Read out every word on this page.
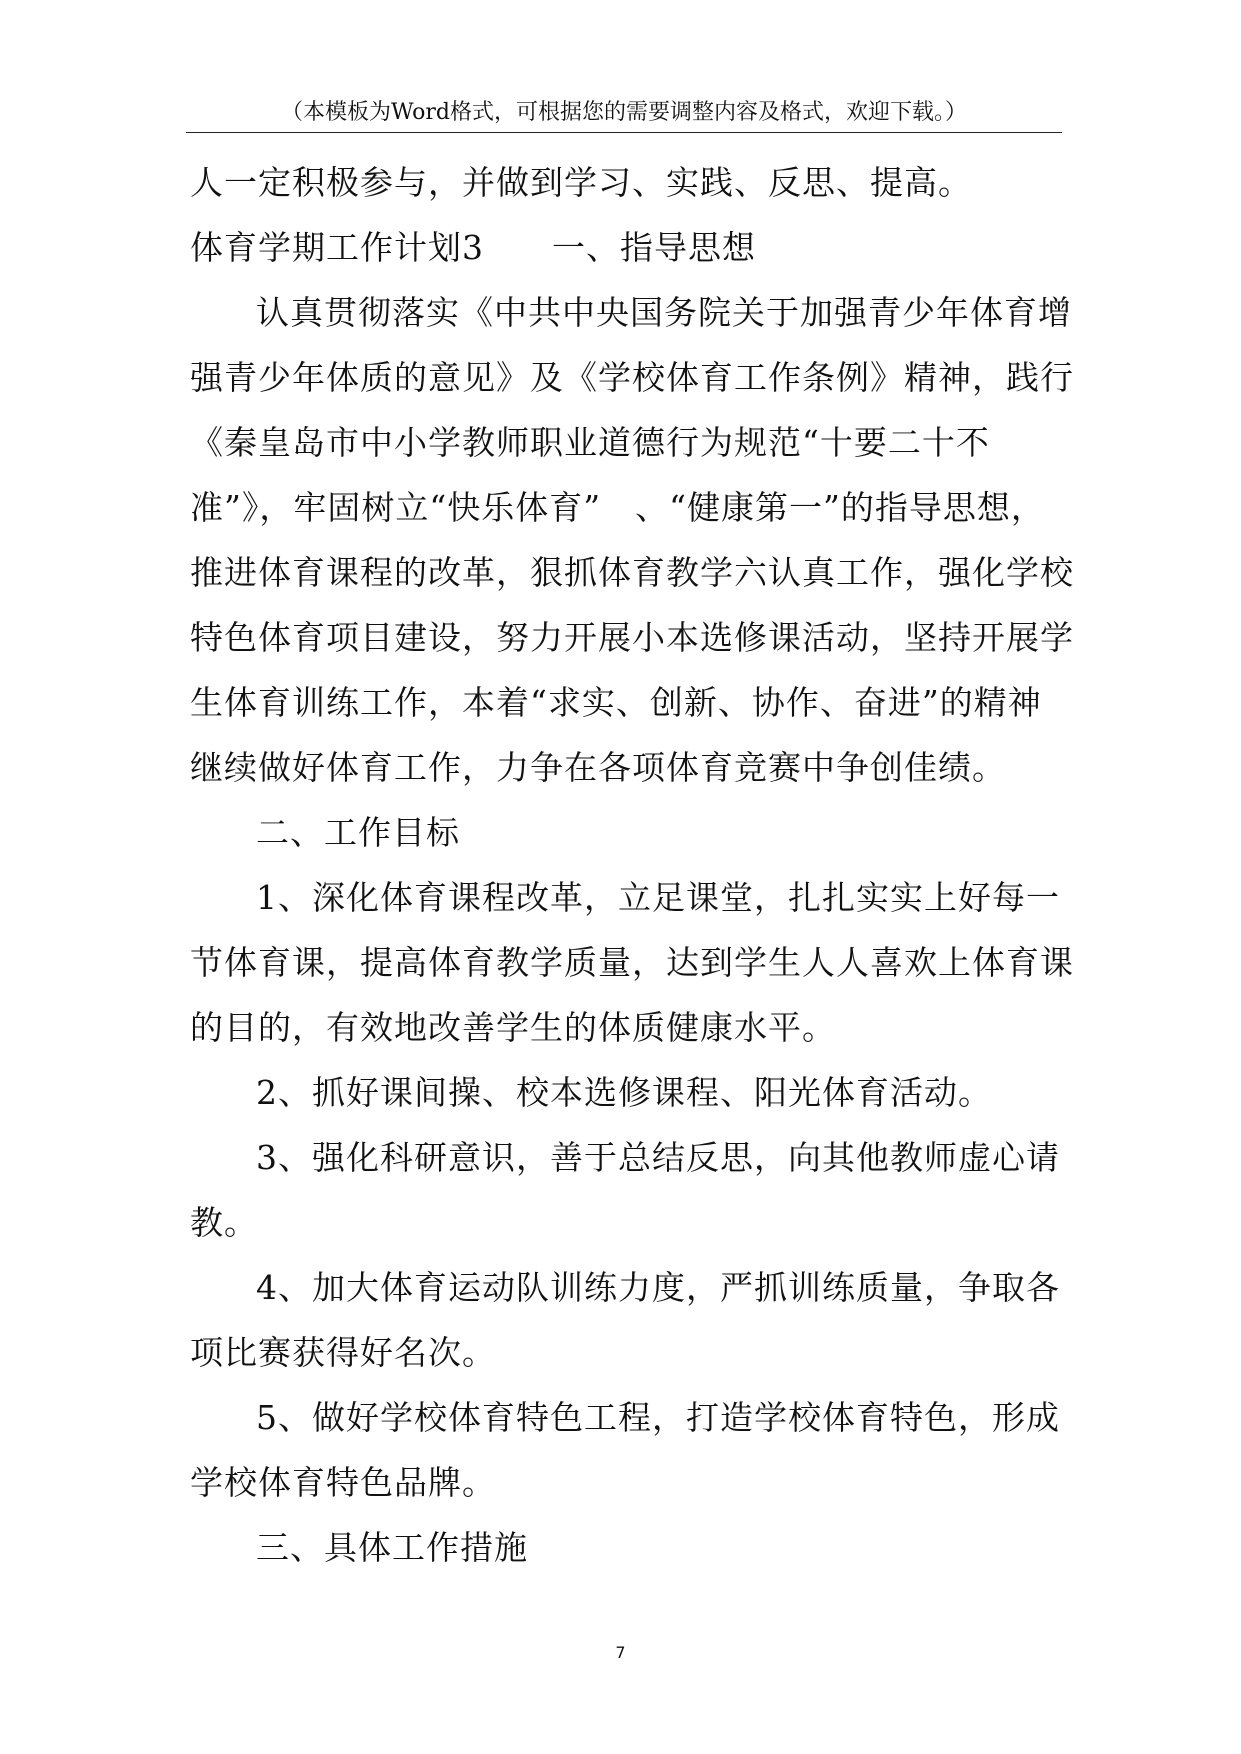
（本模板为Word格式，可根据您的需要调整内容及格式，欢迎下载。）
人一定积极参与，并做到学习、实践、反思、提高。
体育学期工作计划3　　一、指导思想
认真贯彻落实《中共中央国务院关于加强青少年体育增
强青少年体质的意见》及《学校体育工作条例》精神，践行
《秦皇岛市中小学教师职业道德行为规范“十要二十不
准”》，牢固树立“快乐体育”　、“健康第一”的指导思想，
推进体育课程的改革，狠抓体育教学六认真工作，强化学校
特色体育项目建设，努力开展小本选修课活动，坚持开展学
生体育训练工作，本着“求实、创新、协作、奋进”的精神
继续做好体育工作，力争在各项体育竞赛中争创佳绩。
二、工作目标
1、深化体育课程改革，立足课堂，扎扎实实上好每一
节体育课，提高体育教学质量，达到学生人人喜欢上体育课
的目的，有效地改善学生的体质健康水平。
2、抓好课间操、校本选修课程、阳光体育活动。
3、强化科研意识，善于总结反思，向其他教师虚心请
教。
4、加大体育运动队训练力度，严抓训练质量，争取各
项比赛获得好名次。
5、做好学校体育特色工程，打造学校体育特色，形成
学校体育特色品牌。
三、具体工作措施
7
